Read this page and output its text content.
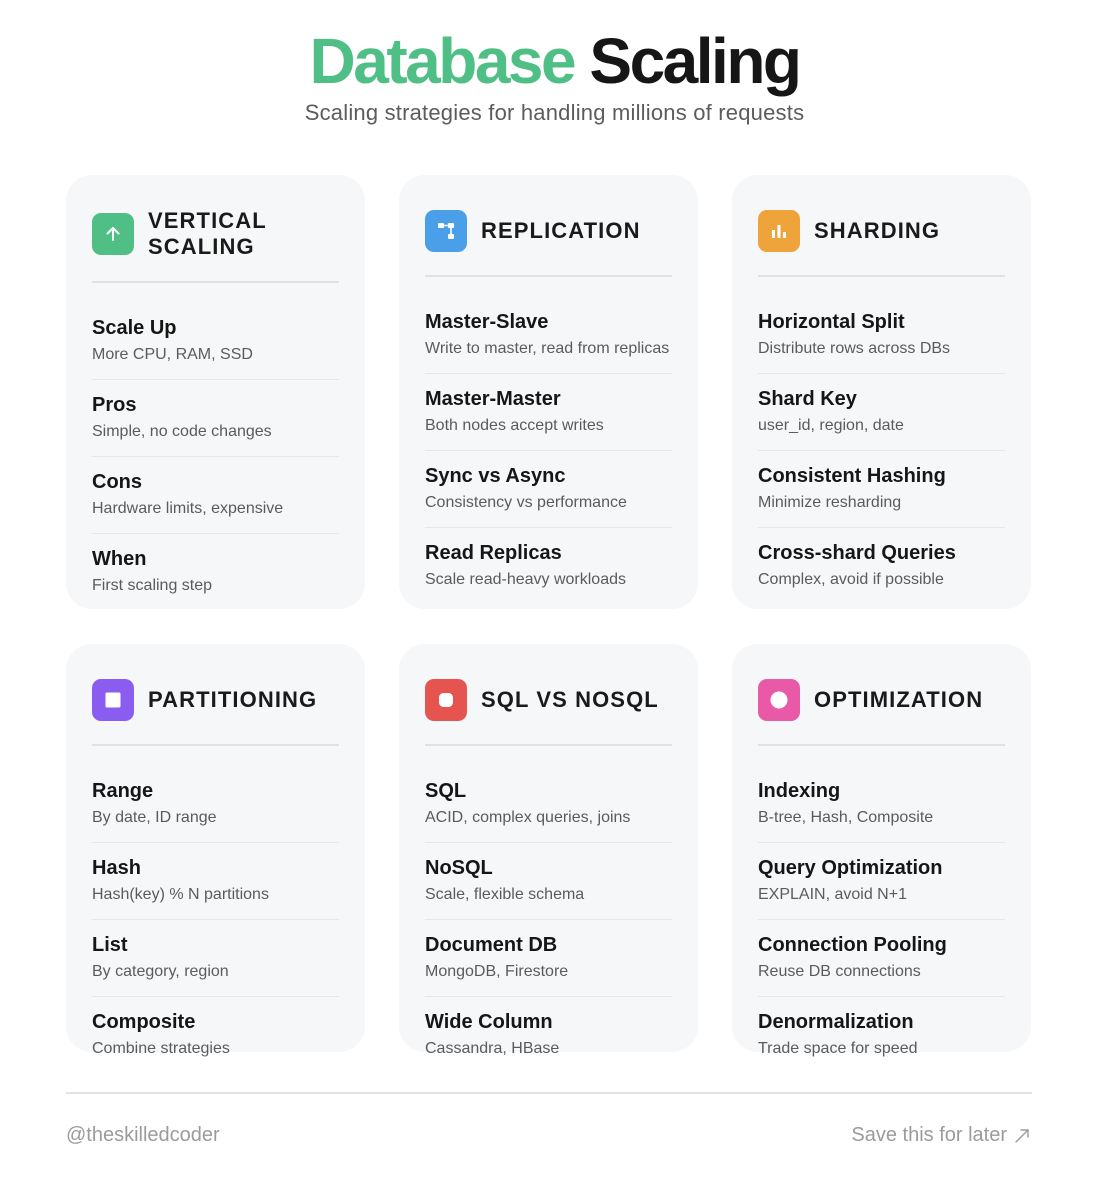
Database Scaling
Scaling strategies for handling millions of requests
VERTICAL SCALING
Scale Up
More CPU, RAM, SSD
Pros
Simple, no code changes
Cons
Hardware limits, expensive
When
First scaling step
REPLICATION
Master-Slave
Write to master, read from replicas
Master-Master
Both nodes accept writes
Sync vs Async
Consistency vs performance
Read Replicas
Scale read-heavy workloads
SHARDING
Horizontal Split
Distribute rows across DBs
Shard Key
user_id, region, date
Consistent Hashing
Minimize resharding
Cross-shard Queries
Complex, avoid if possible
PARTITIONING
Range
By date, ID range
Hash
Hash(key) % N partitions
List
By category, region
Composite
Combine strategies
SQL VS NOSQL
SQL
ACID, complex queries, joins
NoSQL
Scale, flexible schema
Document DB
MongoDB, Firestore
Wide Column
Cassandra, HBase
OPTIMIZATION
Indexing
B-tree, Hash, Composite
Query Optimization
EXPLAIN, avoid N+1
Connection Pooling
Reuse DB connections
Denormalization
Trade space for speed
@theskilledcoder	Save this for later
